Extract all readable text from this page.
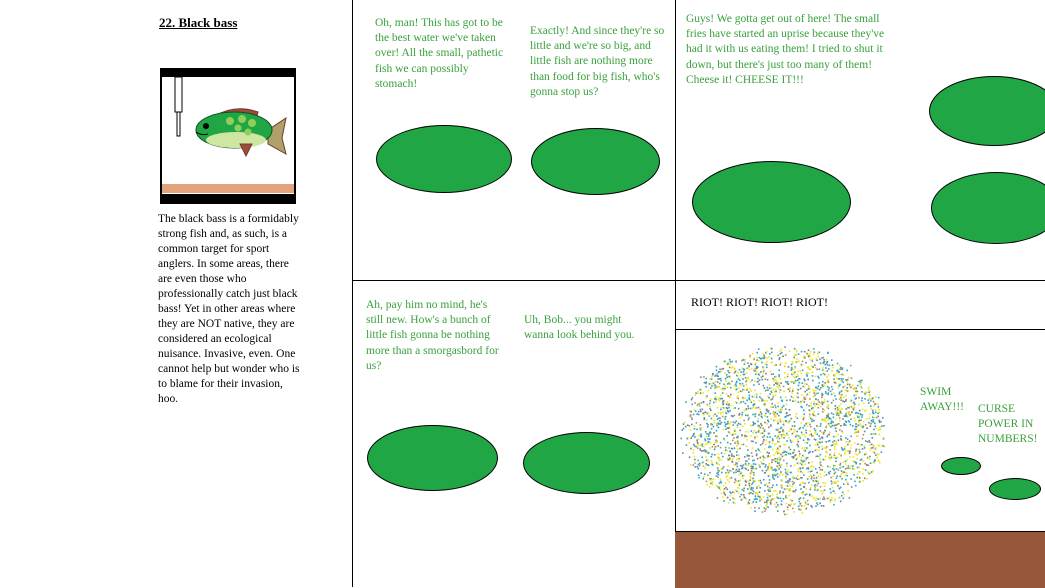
22. Black bass
The black bass is a formidably strong fish and, as such, is a common target for sport anglers. In some areas, there are even those who professionally catch just black bass! Yet in other areas where they are NOT native, they are considered an ecological nuisance. Invasive, even. One cannot help but wonder who is to blame for their invasion, hoo.
Oh, man! This has got to be the best water we've taken over! All the small, pathetic fish we can possibly stomach!
Exactly! And since they're so little and we're so big, and little fish are nothing more than food for big fish, who's gonna stop us?
Guys! We gotta get out of here! The small fries have started an uprise because they've had it with us eating them! I tried to shut it down, but there's just too many of them! Cheese it! CHEESE IT!!!
Ah, pay him no mind, he's still new. How's a bunch of little fish gonna be nothing more than a smorgasbord for us?
Uh, Bob... you might wanna look behind you.
RIOT! RIOT! RIOT! RIOT!
SWIM AWAY!!!	CURSE POWER IN NUMBERS!
